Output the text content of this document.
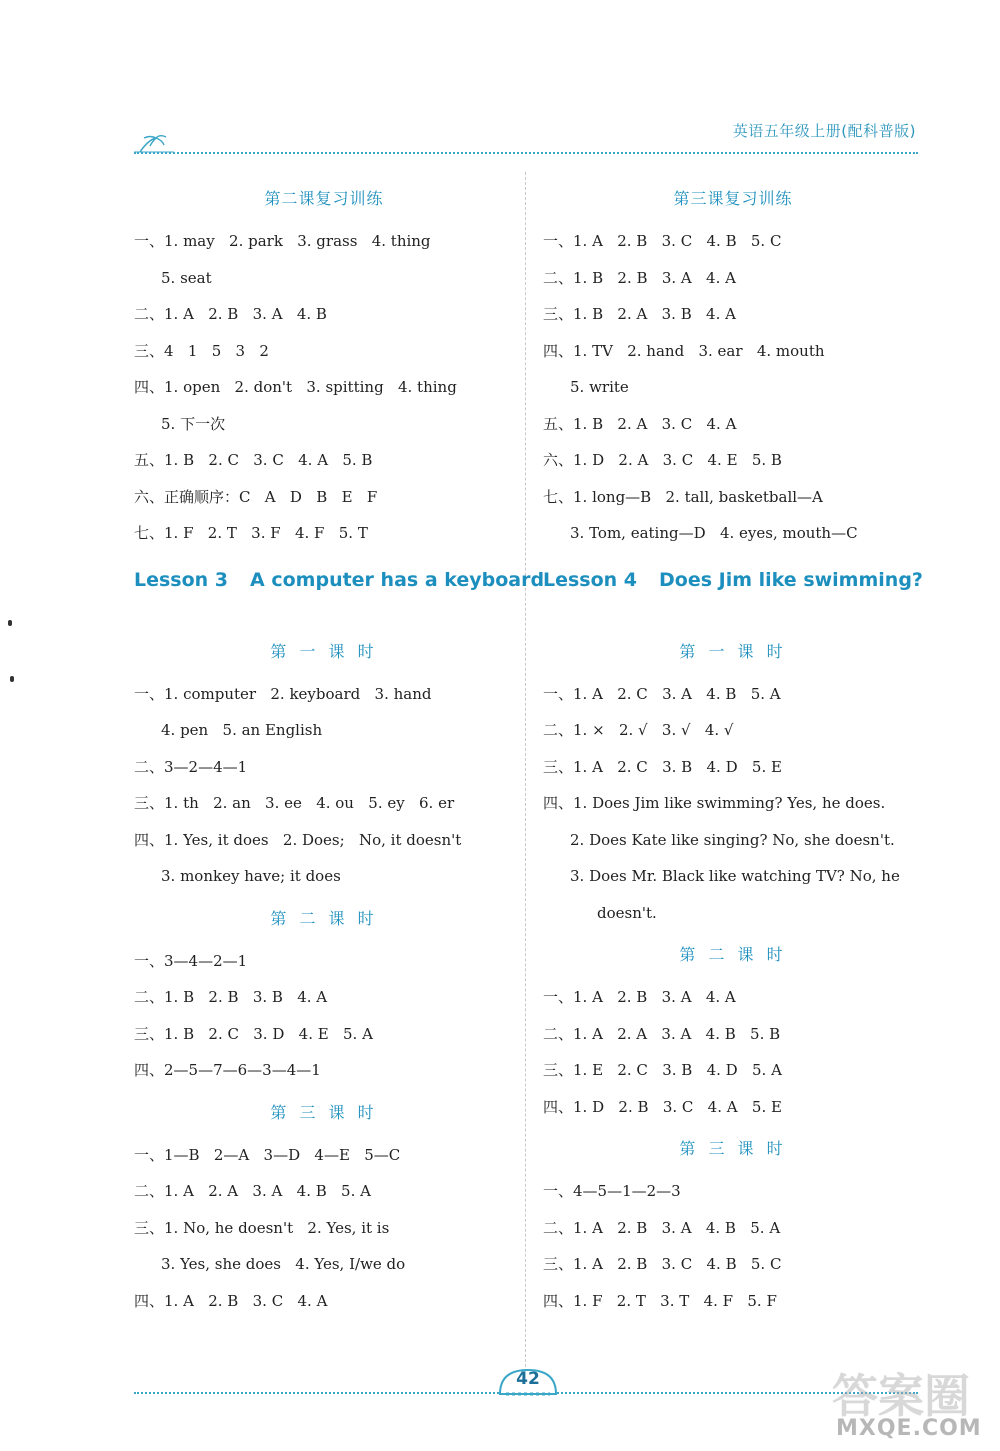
英语五年级上册(配科普版)
第二课复习训练
一、1. may   2. park   3. grass   4. thing
5. seat
二、1. A   2. B   3. A   4. B
三、4   1   5   3   2
四、1. open   2. don't   3. spitting   4. thing
5. 下一次
五、1. B   2. C   3. C   4. A   5. B
六、正确顺序：C   A   D   B   E   F
七、1. F   2. T   3. F   4. F   5. T
Lesson 3 A computer has a keyboard
第 一 课 时
一、1. computer   2. keyboard   3. hand
4. pen   5. an English
二、3—2—4—1
三、1. th   2. an   3. ee   4. ou   5. ey   6. er
四、1. Yes, it does   2. Does;   No, it doesn't
3. monkey have; it does
第 二 课 时
一、3—4—2—1
二、1. B   2. B   3. B   4. A
三、1. B   2. C   3. D   4. E   5. A
四、2—5—7—6—3—4—1
第 三 课 时
一、1—B   2—A   3—D   4—E   5—C
二、1. A   2. A   3. A   4. B   5. A
三、1. No, he doesn't   2. Yes, it is
3. Yes, she does   4. Yes, I/we do
四、1. A   2. B   3. C   4. A
第三课复习训练
一、1. A   2. B   3. C   4. B   5. C
二、1. B   2. B   3. A   4. A
三、1. B   2. A   3. B   4. A
四、1. TV   2. hand   3. ear   4. mouth
5. write
五、1. B   2. A   3. C   4. A
六、1. D   2. A   3. C   4. E   5. B
七、1. long—B   2. tall, basketball—A
3. Tom, eating—D   4. eyes, mouth—C
Lesson 4 Does Jim like swimming?
第 一 课 时
一、1. A   2. C   3. A   4. B   5. A
二、1. ×   2. √   3. √   4. √
三、1. A   2. C   3. B   4. D   5. E
四、1. Does Jim like swimming? Yes, he does.
2. Does Kate like singing? No, she doesn't.
3. Does Mr. Black like watching TV? No, he
doesn't.
第 二 课 时
一、1. A   2. B   3. A   4. A
二、1. A   2. A   3. A   4. B   5. B
三、1. E   2. C   3. B   4. D   5. A
四、1. D   2. B   3. C   4. A   5. E
第 三 课 时
一、4—5—1—2—3
二、1. A   2. B   3. A   4. B   5. A
三、1. A   2. B   3. C   4. B   5. C
四、1. F   2. T   3. T   4. F   5. F
42	答案圈
MXQE.COM
